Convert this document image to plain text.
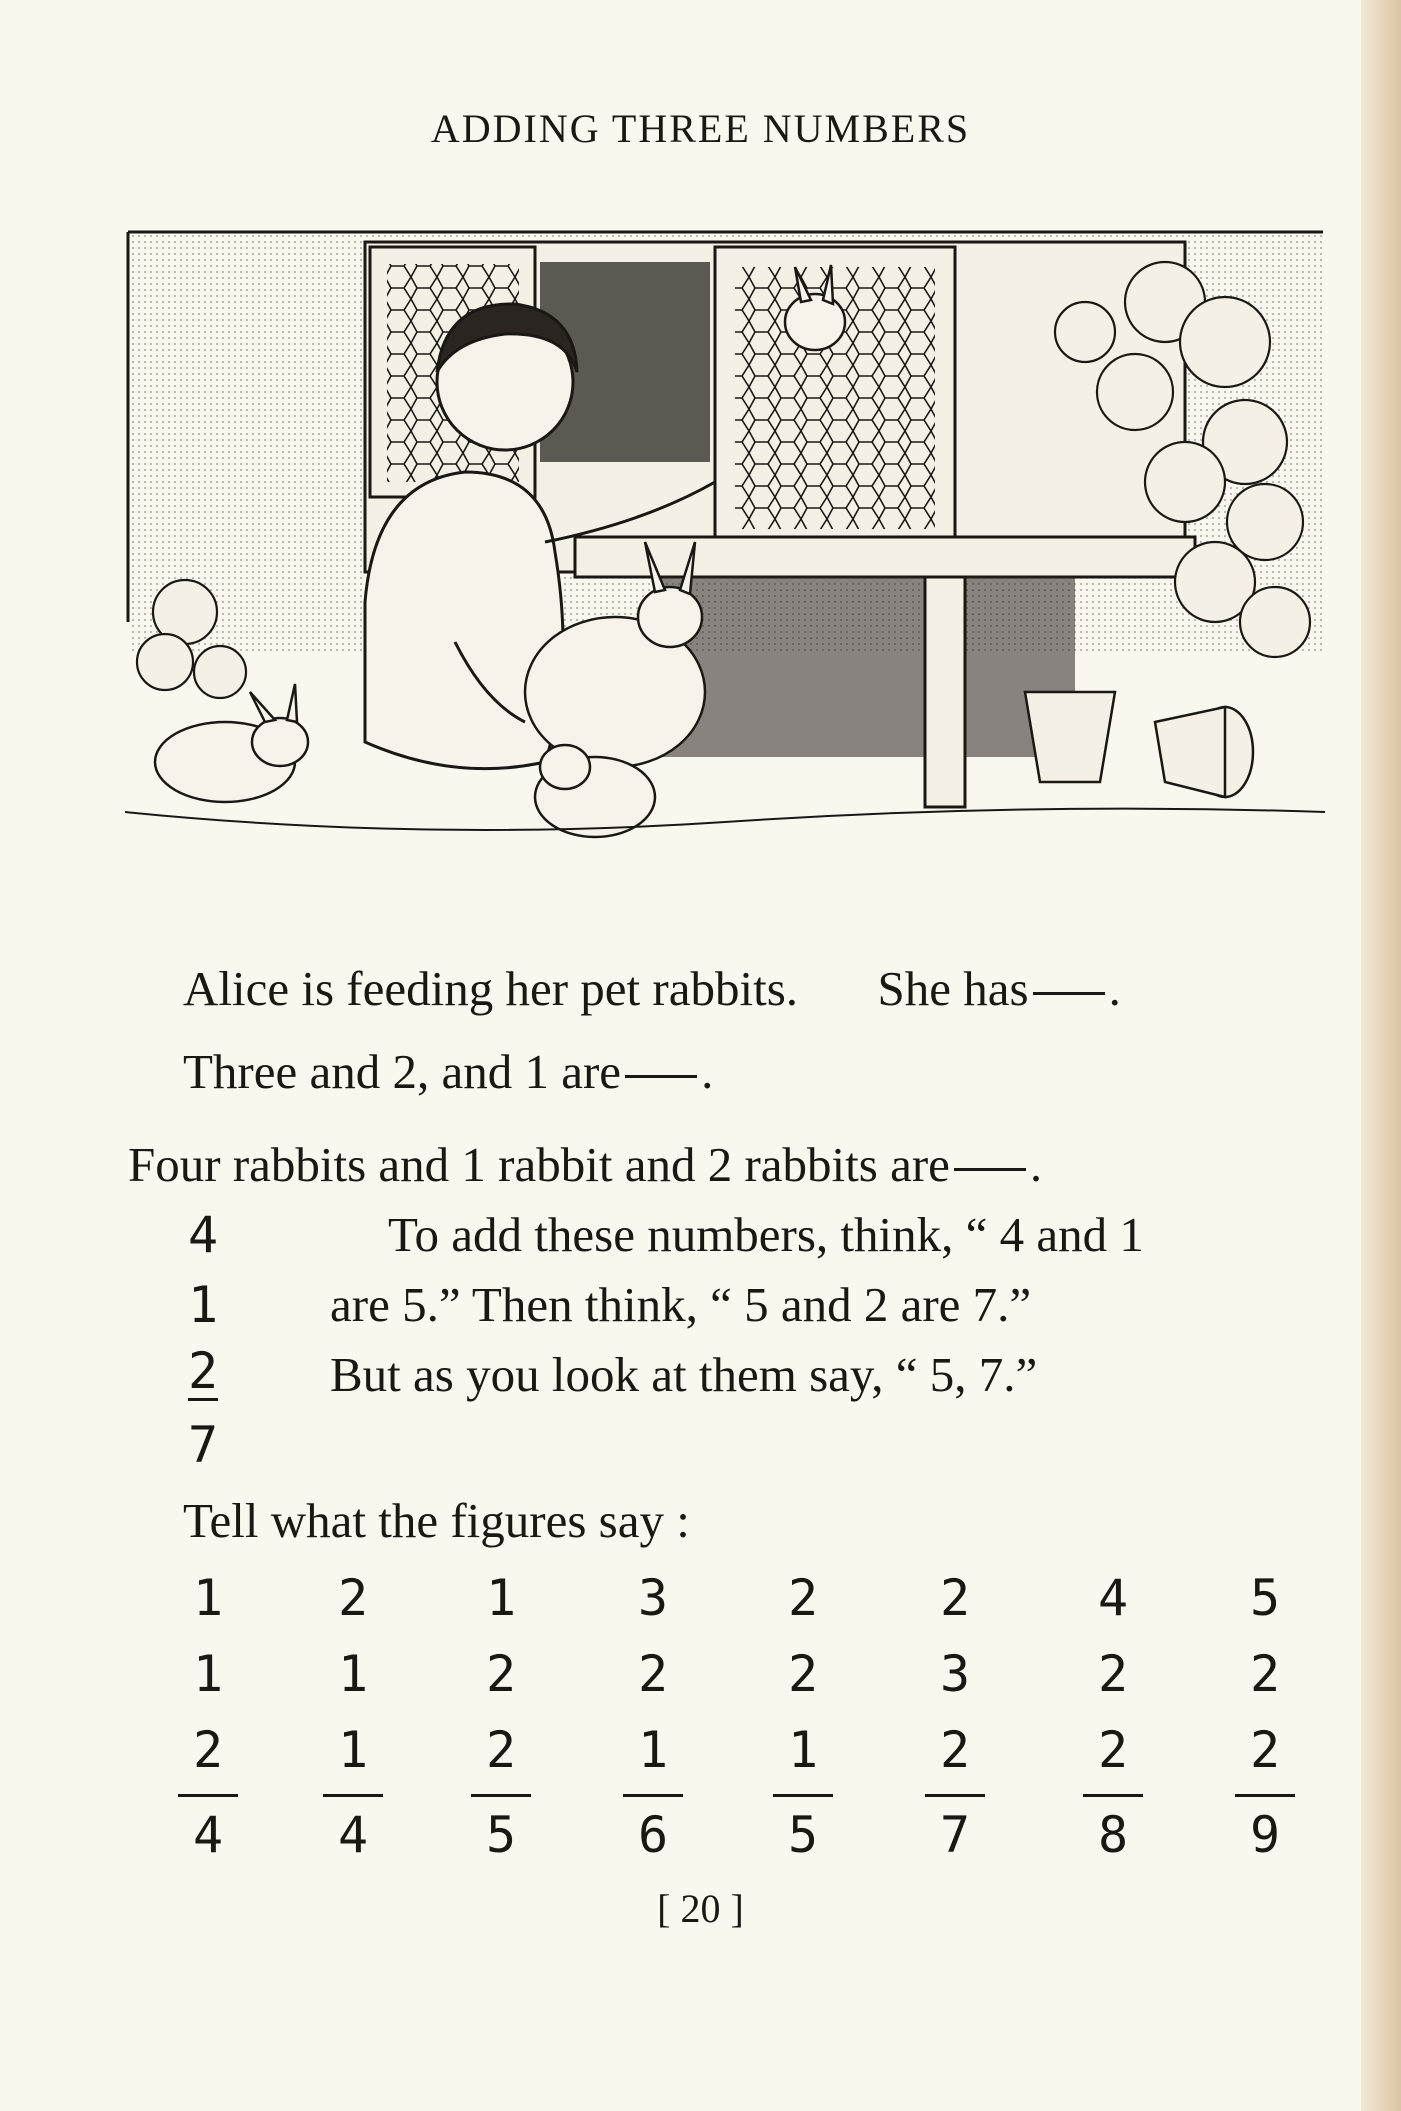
ADDING THREE NUMBERS
Alice is feeding her pet rabbits. She has .
Three and 2, and 1 are .
Four rabbits and 1 rabbit and 2 rabbits are .
4
1
2
7
To add these numbers, think, “ 4 and 1
are 5.” Then think, “ 5 and 2 are 7.”
But as you look at them say, “ 5, 7.”
Tell what the figures say :
1
1
2
4
2
1
1
4
1
2
2
5
3
2
1
6
2
2
1
5
2
3
2
7
4
2
2
8
5
2
2
9
[ 20 ]
